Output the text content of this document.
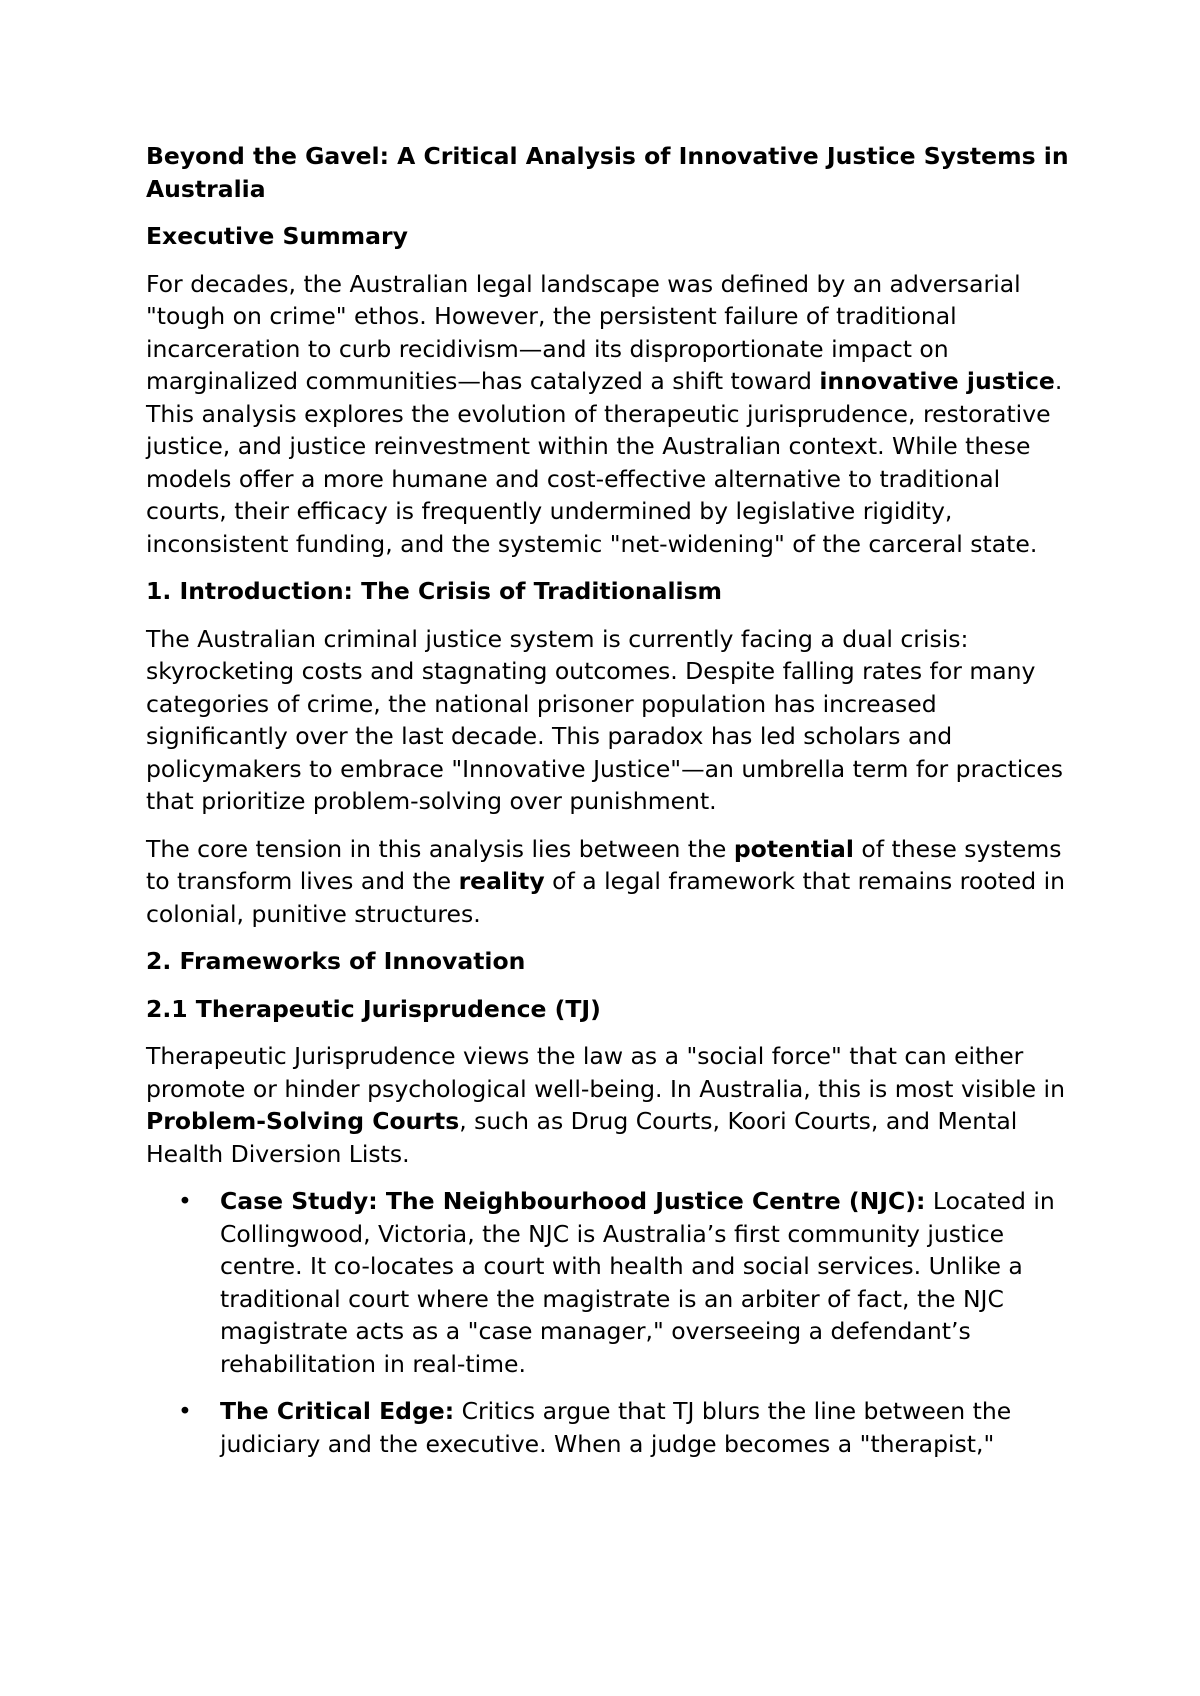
Beyond the Gavel: A Critical Analysis of Innovative Justice Systems in Australia
Executive Summary

For decades, the Australian legal landscape was defined by an adversarial "tough on crime" ethos. However, the persistent failure of traditional incarceration to curb recidivism—and its disproportionate impact on marginalized communities—has catalyzed a shift toward innovative justice. This analysis explores the evolution of therapeutic jurisprudence, restorative justice, and justice reinvestment within the Australian context. While these models offer a more humane and cost-effective alternative to traditional courts, their efficacy is frequently undermined by legislative rigidity, inconsistent funding, and the systemic "net-widening" of the carceral state.

1. Introduction: The Crisis of Traditionalism

The Australian criminal justice system is currently facing a dual crisis: skyrocketing costs and stagnating outcomes. Despite falling rates for many categories of crime, the national prisoner population has increased significantly over the last decade. This paradox has led scholars and policymakers to embrace "Innovative Justice"—an umbrella term for practices that prioritize problem-solving over punishment.

The core tension in this analysis lies between the potential of these systems to transform lives and the reality of a legal framework that remains rooted in colonial, punitive structures.

2. Frameworks of Innovation
2.1 Therapeutic Jurisprudence (TJ)

Therapeutic Jurisprudence views the law as a "social force" that can either promote or hinder psychological well-being. In Australia, this is most visible in Problem-Solving Courts, such as Drug Courts, Koori Courts, and Mental Health Diversion Lists.

• Case Study: The Neighbourhood Justice Centre (NJC): Located in Collingwood, Victoria, the NJC is Australia’s first community justice centre. It co-locates a court with health and social services. Unlike a traditional court where the magistrate is an arbiter of fact, the NJC magistrate acts as a "case manager," overseeing a defendant’s rehabilitation in real-time.
• The Critical Edge: Critics argue that TJ blurs the line between the judiciary and the executive. When a judge becomes a "therapist,"
